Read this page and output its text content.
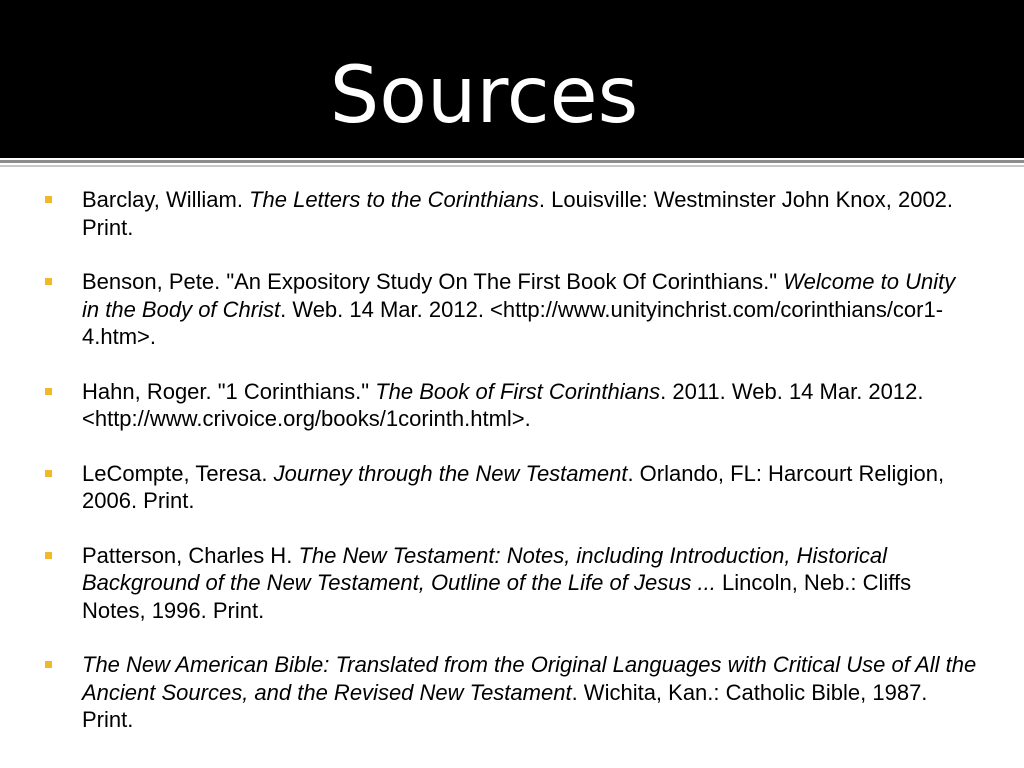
Sources
Barclay, William. The Letters to the Corinthians. Louisville: Westminster John Knox, 2002. Print.
Benson, Pete. "An Expository Study On The First Book Of Corinthians." Welcome to Unity in the Body of Christ. Web. 14 Mar. 2012. <http://www.unityinchrist.com/corinthians/cor1-4.htm>.
Hahn, Roger. "1 Corinthians." The Book of First Corinthians. 2011. Web. 14 Mar. 2012. <http://www.crivoice.org/books/1corinth.html>.
LeCompte, Teresa. Journey through the New Testament. Orlando, FL: Harcourt Religion, 2006. Print.
Patterson, Charles H. The New Testament: Notes, including Introduction, Historical Background of the New Testament, Outline of the Life of Jesus ... Lincoln, Neb.: Cliffs Notes, 1996. Print.
The New American Bible: Translated from the Original Languages with Critical Use of All the Ancient Sources, and the Revised New Testament. Wichita, Kan.: Catholic Bible, 1987. Print.
